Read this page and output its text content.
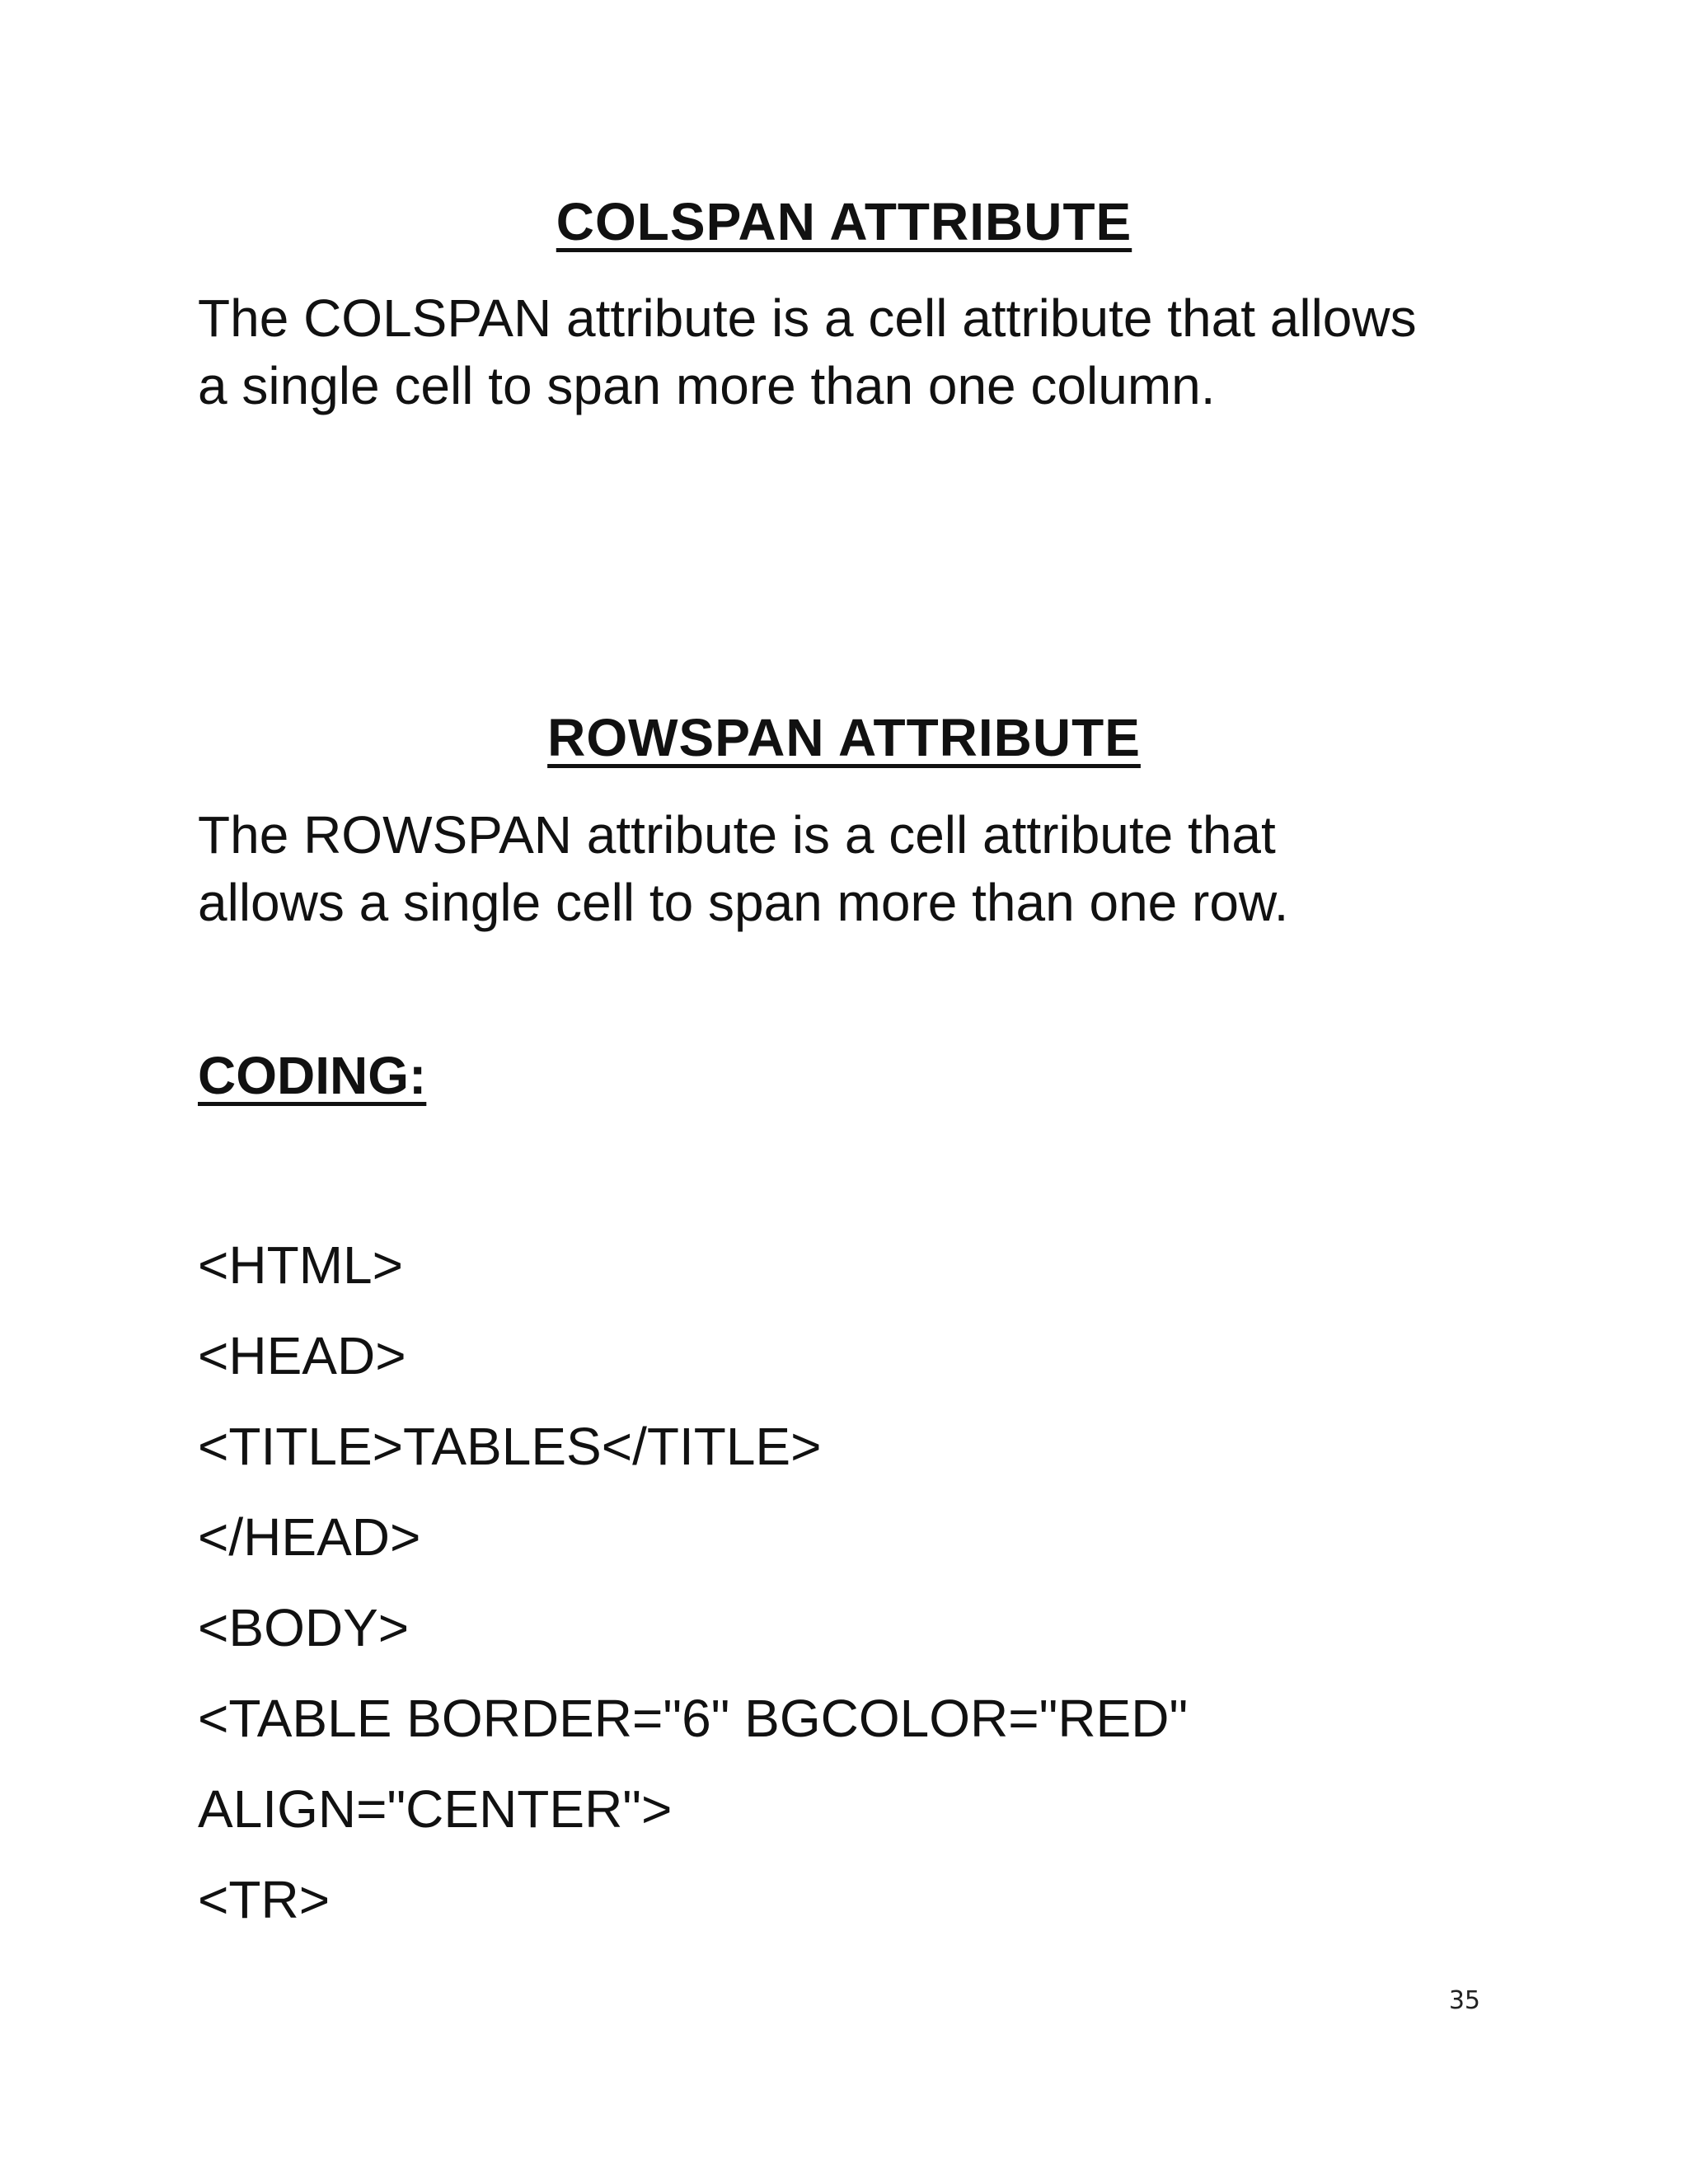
COLSPAN ATTRIBUTE
The COLSPAN attribute is a cell attribute that allows
a single cell to span more than one column.
ROWSPAN ATTRIBUTE
The ROWSPAN attribute is a cell attribute that
allows a single cell to span more than one row.
CODING:
<HTML>
<HEAD>
<TITLE>TABLES</TITLE>
</HEAD>
<BODY>
<TABLE BORDER="6" BGCOLOR="RED"
ALIGN="CENTER">
<TR>
35
